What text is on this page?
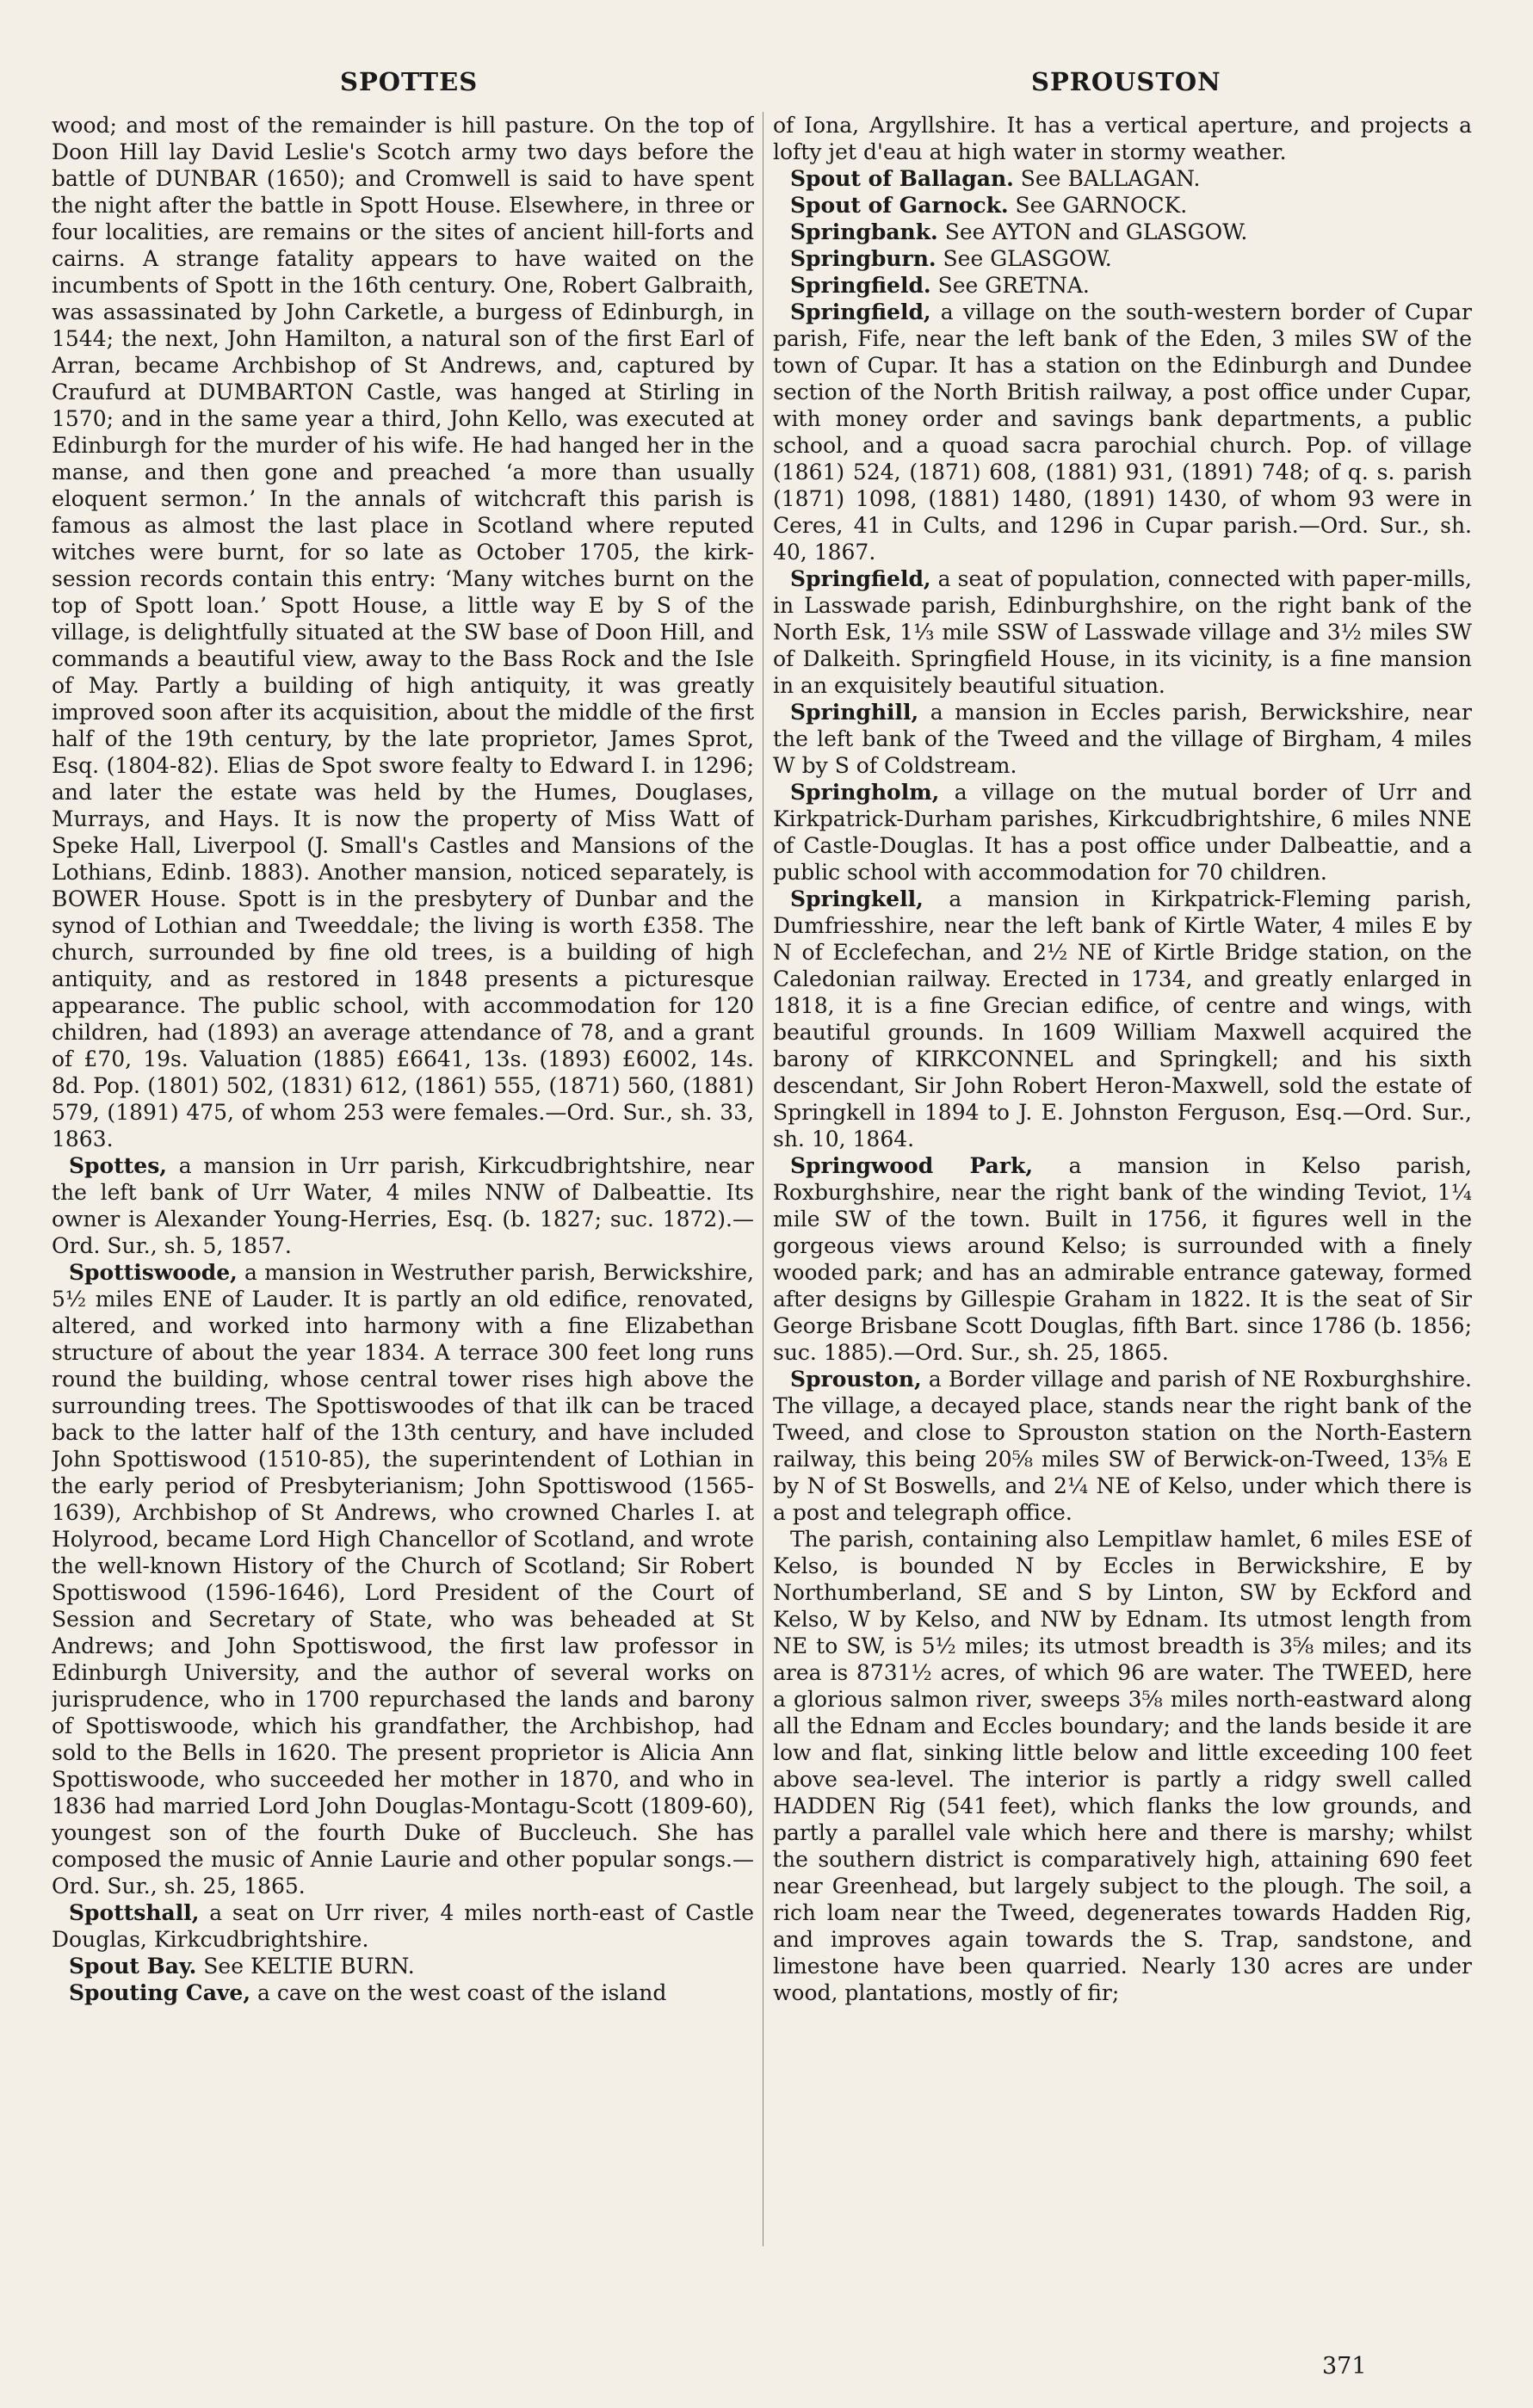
SPOTTES	SPROUSTON

wood; and most of the remainder is hill pasture. On the top of Doon Hill lay David Leslie's Scotch army two days before the battle of DUNBAR (1650); and Cromwell is said to have spent the night after the battle in Spott House. Elsewhere, in three or four localities, are remains or the sites of ancient hill-forts and cairns. A strange fatality appears to have waited on the incumbents of Spott in the 16th century. One, Robert Galbraith, was assassinated by John Carketle, a burgess of Edinburgh, in 1544; the next, John Hamilton, a natural son of the first Earl of Arran, became Archbishop of St Andrews, and, captured by Craufurd at DUMBARTON Castle, was hanged at Stirling in 1570; and in the same year a third, John Kello, was executed at Edinburgh for the murder of his wife. He had hanged her in the manse, and then gone and preached ‘a more than usually eloquent sermon.’ In the annals of witchcraft this parish is famous as almost the last place in Scotland where reputed witches were burnt, for so late as October 1705, the kirk-session records contain this entry: ‘Many witches burnt on the top of Spott loan.’ Spott House, a little way E by S of the village, is delightfully situated at the SW base of Doon Hill, and commands a beautiful view, away to the Bass Rock and the Isle of May. Partly a building of high antiquity, it was greatly improved soon after its acquisition, about the middle of the first half of the 19th century, by the late proprietor, James Sprot, Esq. (1804-82). Elias de Spot swore fealty to Edward I. in 1296; and later the estate was held by the Humes, Douglases, Murrays, and Hays. It is now the property of Miss Watt of Speke Hall, Liverpool (J. Small's Castles and Mansions of the Lothians, Edinb. 1883). Another mansion, noticed separately, is BOWER House. Spott is in the presbytery of Dunbar and the synod of Lothian and Tweeddale; the living is worth £358. The church, surrounded by fine old trees, is a building of high antiquity, and as restored in 1848 presents a picturesque appearance. The public school, with accommodation for 120 children, had (1893) an average attendance of 78, and a grant of £70, 19s. Valuation (1885) £6641, 13s. (1893) £6002, 14s. 8d. Pop. (1801) 502, (1831) 612, (1861) 555, (1871) 560, (1881) 579, (1891) 475, of whom 253 were females.—Ord. Sur., sh. 33, 1863.

Spottes, a mansion in Urr parish, Kirkcudbrightshire, near the left bank of Urr Water, 4 miles NNW of Dalbeattie. Its owner is Alexander Young-Herries, Esq. (b. 1827; suc. 1872).—Ord. Sur., sh. 5, 1857.

Spottiswoode, a mansion in Westruther parish, Berwickshire, 5½ miles ENE of Lauder. It is partly an old edifice, renovated, altered, and worked into harmony with a fine Elizabethan structure of about the year 1834. A terrace 300 feet long runs round the building, whose central tower rises high above the surrounding trees. The Spottiswoodes of that ilk can be traced back to the latter half of the 13th century, and have included John Spottiswood (1510-85), the superintendent of Lothian in the early period of Presbyterianism; John Spottiswood (1565-1639), Archbishop of St Andrews, who crowned Charles I. at Holyrood, became Lord High Chancellor of Scotland, and wrote the well-known History of the Church of Scotland; Sir Robert Spottiswood (1596-1646), Lord President of the Court of Session and Secretary of State, who was beheaded at St Andrews; and John Spottiswood, the first law professor in Edinburgh University, and the author of several works on jurisprudence, who in 1700 repurchased the lands and barony of Spottiswoode, which his grandfather, the Archbishop, had sold to the Bells in 1620. The present proprietor is Alicia Ann Spottiswoode, who succeeded her mother in 1870, and who in 1836 had married Lord John Douglas-Montagu-Scott (1809-60), youngest son of the fourth Duke of Buccleuch. She has composed the music of Annie Laurie and other popular songs.—Ord. Sur., sh. 25, 1865.

Spottshall, a seat on Urr river, 4 miles north-east of Castle Douglas, Kirkcudbrightshire.

Spout Bay. See KELTIE BURN.

Spouting Cave, a cave on the west coast of the island

of Iona, Argyllshire. It has a vertical aperture, and projects a lofty jet d'eau at high water in stormy weather.

Spout of Ballagan. See BALLAGAN.

Spout of Garnock. See GARNOCK.

Springbank. See AYTON and GLASGOW.

Springburn. See GLASGOW.

Springfield. See GRETNA.

Springfield, a village on the south-western border of Cupar parish, Fife, near the left bank of the Eden, 3 miles SW of the town of Cupar. It has a station on the Edinburgh and Dundee section of the North British railway, a post office under Cupar, with money order and savings bank departments, a public school, and a quoad sacra parochial church. Pop. of village (1861) 524, (1871) 608, (1881) 931, (1891) 748; of q. s. parish (1871) 1098, (1881) 1480, (1891) 1430, of whom 93 were in Ceres, 41 in Cults, and 1296 in Cupar parish.—Ord. Sur., sh. 40, 1867.

Springfield, a seat of population, connected with paper-mills, in Lasswade parish, Edinburghshire, on the right bank of the North Esk, 1⅓ mile SSW of Lasswade village and 3½ miles SW of Dalkeith. Springfield House, in its vicinity, is a fine mansion in an exquisitely beautiful situation.

Springhill, a mansion in Eccles parish, Berwickshire, near the left bank of the Tweed and the village of Birgham, 4 miles W by S of Coldstream.

Springholm, a village on the mutual border of Urr and Kirkpatrick-Durham parishes, Kirkcudbrightshire, 6 miles NNE of Castle-Douglas. It has a post office under Dalbeattie, and a public school with accommodation for 70 children.

Springkell, a mansion in Kirkpatrick-Fleming parish, Dumfriesshire, near the left bank of Kirtle Water, 4 miles E by N of Ecclefechan, and 2½ NE of Kirtle Bridge station, on the Caledonian railway. Erected in 1734, and greatly enlarged in 1818, it is a fine Grecian edifice, of centre and wings, with beautiful grounds. In 1609 William Maxwell acquired the barony of KIRKCONNEL and Springkell; and his sixth descendant, Sir John Robert Heron-Maxwell, sold the estate of Springkell in 1894 to J. E. Johnston Ferguson, Esq.—Ord. Sur., sh. 10, 1864.

Springwood Park, a mansion in Kelso parish, Roxburghshire, near the right bank of the winding Teviot, 1¼ mile SW of the town. Built in 1756, it figures well in the gorgeous views around Kelso; is surrounded with a finely wooded park; and has an admirable entrance gateway, formed after designs by Gillespie Graham in 1822. It is the seat of Sir George Brisbane Scott Douglas, fifth Bart. since 1786 (b. 1856; suc. 1885).—Ord. Sur., sh. 25, 1865.

Sprouston, a Border village and parish of NE Roxburghshire. The village, a decayed place, stands near the right bank of the Tweed, and close to Sprouston station on the North-Eastern railway, this being 20⅝ miles SW of Berwick-on-Tweed, 13⅝ E by N of St Boswells, and 2¼ NE of Kelso, under which there is a post and telegraph office.

The parish, containing also Lempitlaw hamlet, 6 miles ESE of Kelso, is bounded N by Eccles in Berwickshire, E by Northumberland, SE and S by Linton, SW by Eckford and Kelso, W by Kelso, and NW by Ednam. Its utmost length from NE to SW, is 5½ miles; its utmost breadth is 3⅝ miles; and its area is 8731½ acres, of which 96 are water. The TWEED, here a glorious salmon river, sweeps 3⅝ miles north-eastward along all the Ednam and Eccles boundary; and the lands beside it are low and flat, sinking little below and little exceeding 100 feet above sea-level. The interior is partly a ridgy swell called HADDEN Rig (541 feet), which flanks the low grounds, and partly a parallel vale which here and there is marshy; whilst the southern district is comparatively high, attaining 690 feet near Greenhead, but largely subject to the plough. The soil, a rich loam near the Tweed, degenerates towards Hadden Rig, and improves again towards the S. Trap, sandstone, and limestone have been quarried. Nearly 130 acres are under wood, plantations, mostly of fir;

371
